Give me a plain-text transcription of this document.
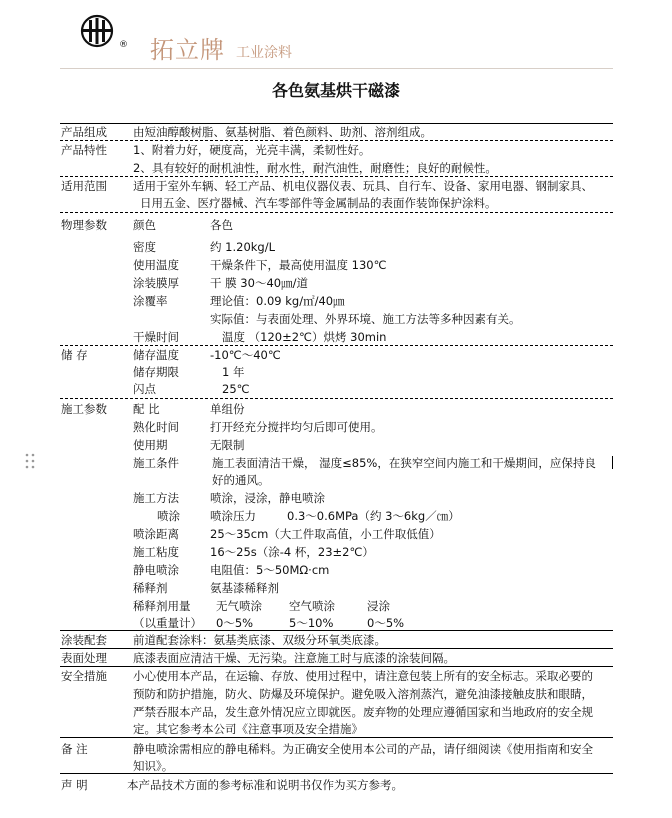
® 拓立牌 工业涂料
各色氨基烘干磁漆
产品组成 由短油醇酸树脂、氨基树脂、着色颜料、助剂、溶剂组成。
产品特性 1、附着力好，硬度高，光亮丰满，柔韧性好。
2、具有较好的耐机油性，耐水性，耐汽油性，耐磨性；良好的耐候性。
适用范围 适用于室外车辆、轻工产品、机电仪器仪表、玩具、自行车、设备、家用电器、钢制家具、
日用五金、医疗器械、汽车零部件等金属制品的表面作装饰保护涂料。
物理参数 颜色	各色
密度	约 1.20kg/L
使用温度	干燥条件下，最高使用温度 130℃
涂装膜厚	干 膜 30～40㎛/道
涂覆率	理论值：0.09 kg/㎡/40㎛
实际值：与表面处理、外界环境、施工方法等多种因素有关。
干燥时间	温度 （120±2℃）烘烤 30min
储 存	储存温度	-10℃～40℃
储存期限	1 年
闪点	25℃
施工参数 配 比	单组份
熟化时间	打开经充分搅拌均匀后即可使用。
使用期	无限制
施工条件	施工表面清洁干燥， 湿度≤85%，在狭窄空间内施工和干燥期间，应保持良
好的通风。
施工方法	喷涂，浸涂，静电喷涂
喷涂	喷涂压力	0.3～0.6MPa（约 3～6kg／㎝）
喷涂距离	25～35cm（大工件取高值，小工件取低值）
施工粘度	16～25s（涂-4 杯，23±2℃）
静电喷涂	电阻值：5～50MΩ·cm
稀释剂	氨基漆稀释剂
稀释剂用量 无气喷涂 空气喷涂	浸涂
（以重量计） 0～5%	5～10%	0～5%
涂装配套 前道配套涂料：氨基类底漆、双级分环氧类底漆。
表面处理 底漆表面应清洁干燥、无污染。注意施工时与底漆的涂装间隔。
安全措施 小心使用本产品，在运输、存放、使用过程中，请注意包装上所有的安全标志。采取必要的
预防和防护措施，防火、防爆及环境保护。避免吸入溶剂蒸汽，避免油漆接触皮肤和眼睛，
严禁吞服本产品，发生意外情况应立即就医。废弃物的处理应遵循国家和当地政府的安全规
定。其它参考本公司《注意事项及安全措施》
备 注	静电喷涂需相应的静电稀料。为正确安全使用本公司的产品，请仔细阅读《使用指南和安全
知识》。
声 明	本产品技术方面的参考标准和说明书仅作为买方参考。
